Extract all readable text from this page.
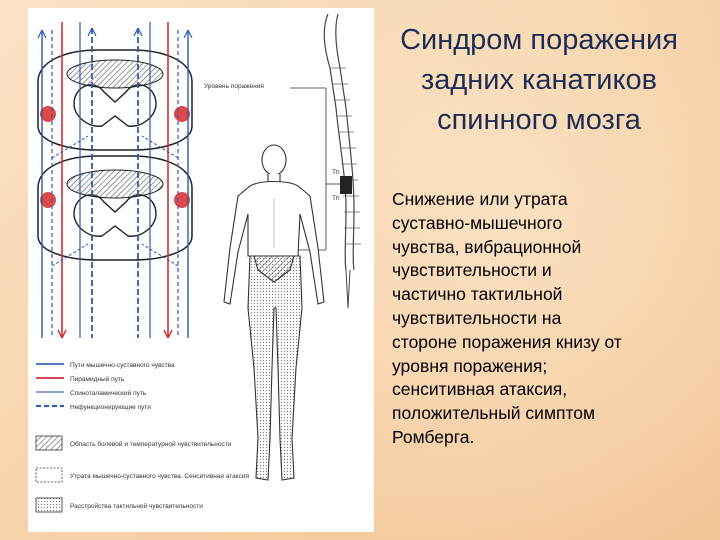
Синдром поражения
задних канатиков
спинного мозга
Снижение или утрата
суставно-мышечного
чувства, вибрационной
чувствительности и
частично тактильной
чувствительности на
стороне поражения книзу от
уровня поражения;
сенситивная атаксия,
положительный симптом
Ромберга.
Уровень поражения
Th
Th
Пути мышечно-суставного чувства
Пирамидный путь
Спиноталамический путь
Нефункционирующие пути
Область болевой и температурной чувствительности
Утрата мышечно-суставного чувства. Сенситивная атаксия
Расстройства тактильной чувствительности
